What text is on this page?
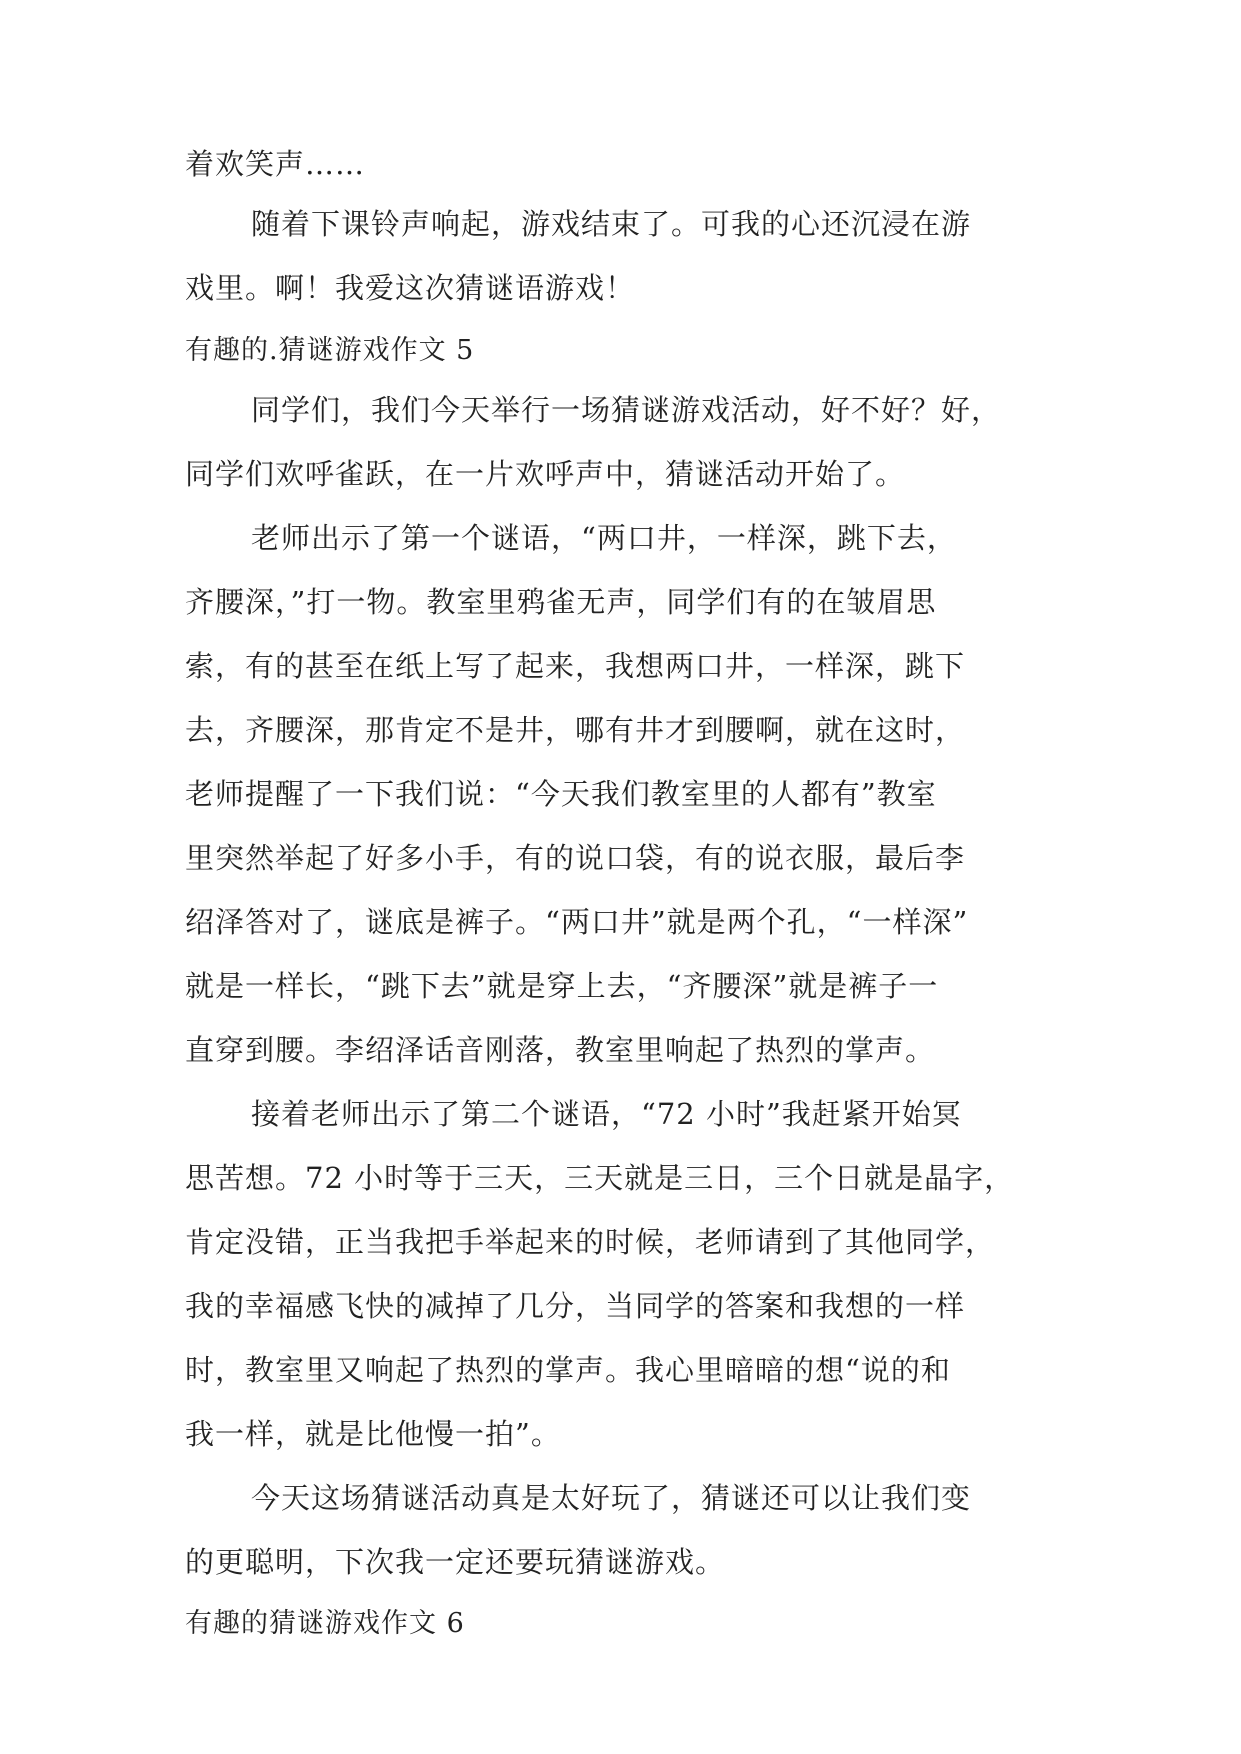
着欢笑声……
随着下课铃声响起，游戏结束了。可我的心还沉浸在游
戏里。啊！我爱这次猜谜语游戏！
有趣的.猜谜游戏作文 5
同学们，我们今天举行一场猜谜游戏活动，好不好？好，
同学们欢呼雀跃，在一片欢呼声中，猜谜活动开始了。
老师出示了第一个谜语，“两口井，一样深，跳下去，
齐腰深，”打一物。教室里鸦雀无声，同学们有的在皱眉思
索，有的甚至在纸上写了起来，我想两口井，一样深，跳下
去，齐腰深，那肯定不是井，哪有井才到腰啊，就在这时，
老师提醒了一下我们说：“今天我们教室里的人都有”教室
里突然举起了好多小手，有的说口袋，有的说衣服，最后李
绍泽答对了，谜底是裤子。“两口井”就是两个孔，“一样深”
就是一样长，“跳下去”就是穿上去，“齐腰深”就是裤子一
直穿到腰。李绍泽话音刚落，教室里响起了热烈的掌声。
接着老师出示了第二个谜语，“72 小时”我赶紧开始冥
思苦想。72 小时等于三天，三天就是三日，三个日就是晶字，
肯定没错，正当我把手举起来的时候，老师请到了其他同学，
我的幸福感飞快的减掉了几分，当同学的答案和我想的一样
时，教室里又响起了热烈的掌声。我心里暗暗的想“说的和
我一样，就是比他慢一拍”。
今天这场猜谜活动真是太好玩了，猜谜还可以让我们变
的更聪明，下次我一定还要玩猜谜游戏。
有趣的猜谜游戏作文 6
